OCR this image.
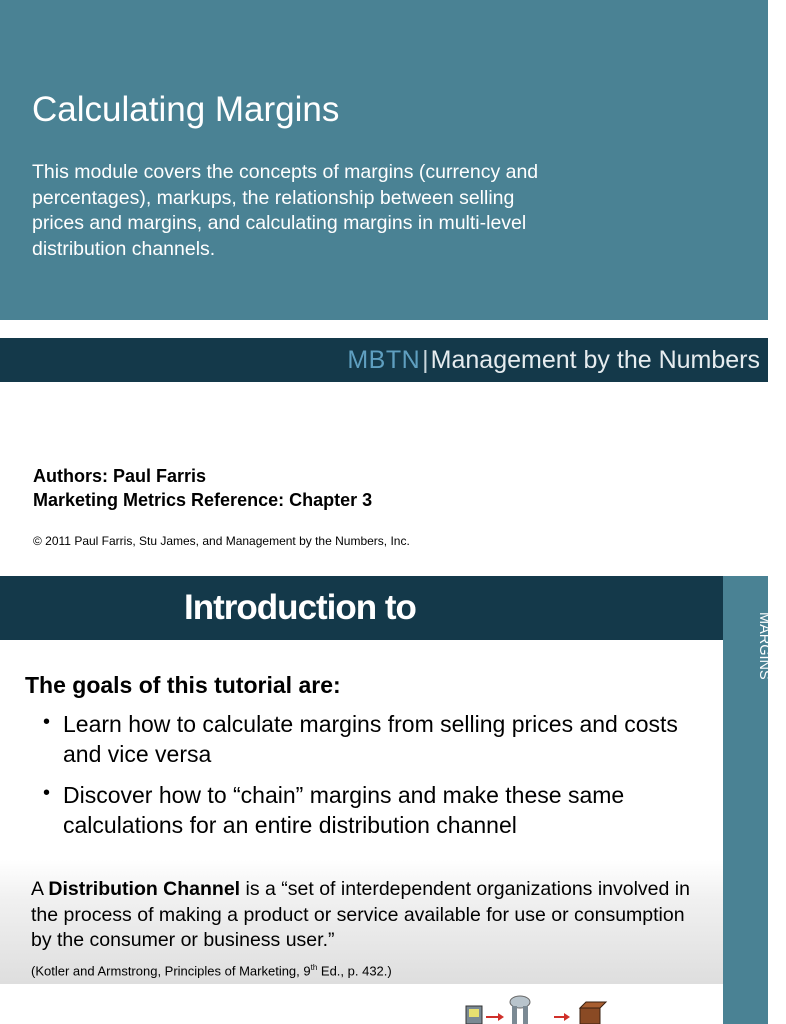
Calculating Margins

This module covers the concepts of margins (currency and percentages), markups, the relationship between selling prices and margins, and calculating margins in multi-level distribution channels.

MBTN|Management by the Numbers
Authors: Paul Farris
Marketing Metrics Reference: Chapter 3
© 2011 Paul Farris, Stu James, and Management by the Numbers, Inc.
Introduction to
INTRODUCTION TO
MARGINS
The goals of this tutorial are:
• Learn how to calculate margins from selling prices and costs and vice versa
• Discover how to “chain” margins and make these same calculations for an entire distribution channel

A Distribution Channel is a “set of interdependent organizations involved in the process of making a product or service available for use or consumption by the consumer or business user.”

(Kotler and Armstrong, Principles of Marketing, 9th Ed., p. 432.)
